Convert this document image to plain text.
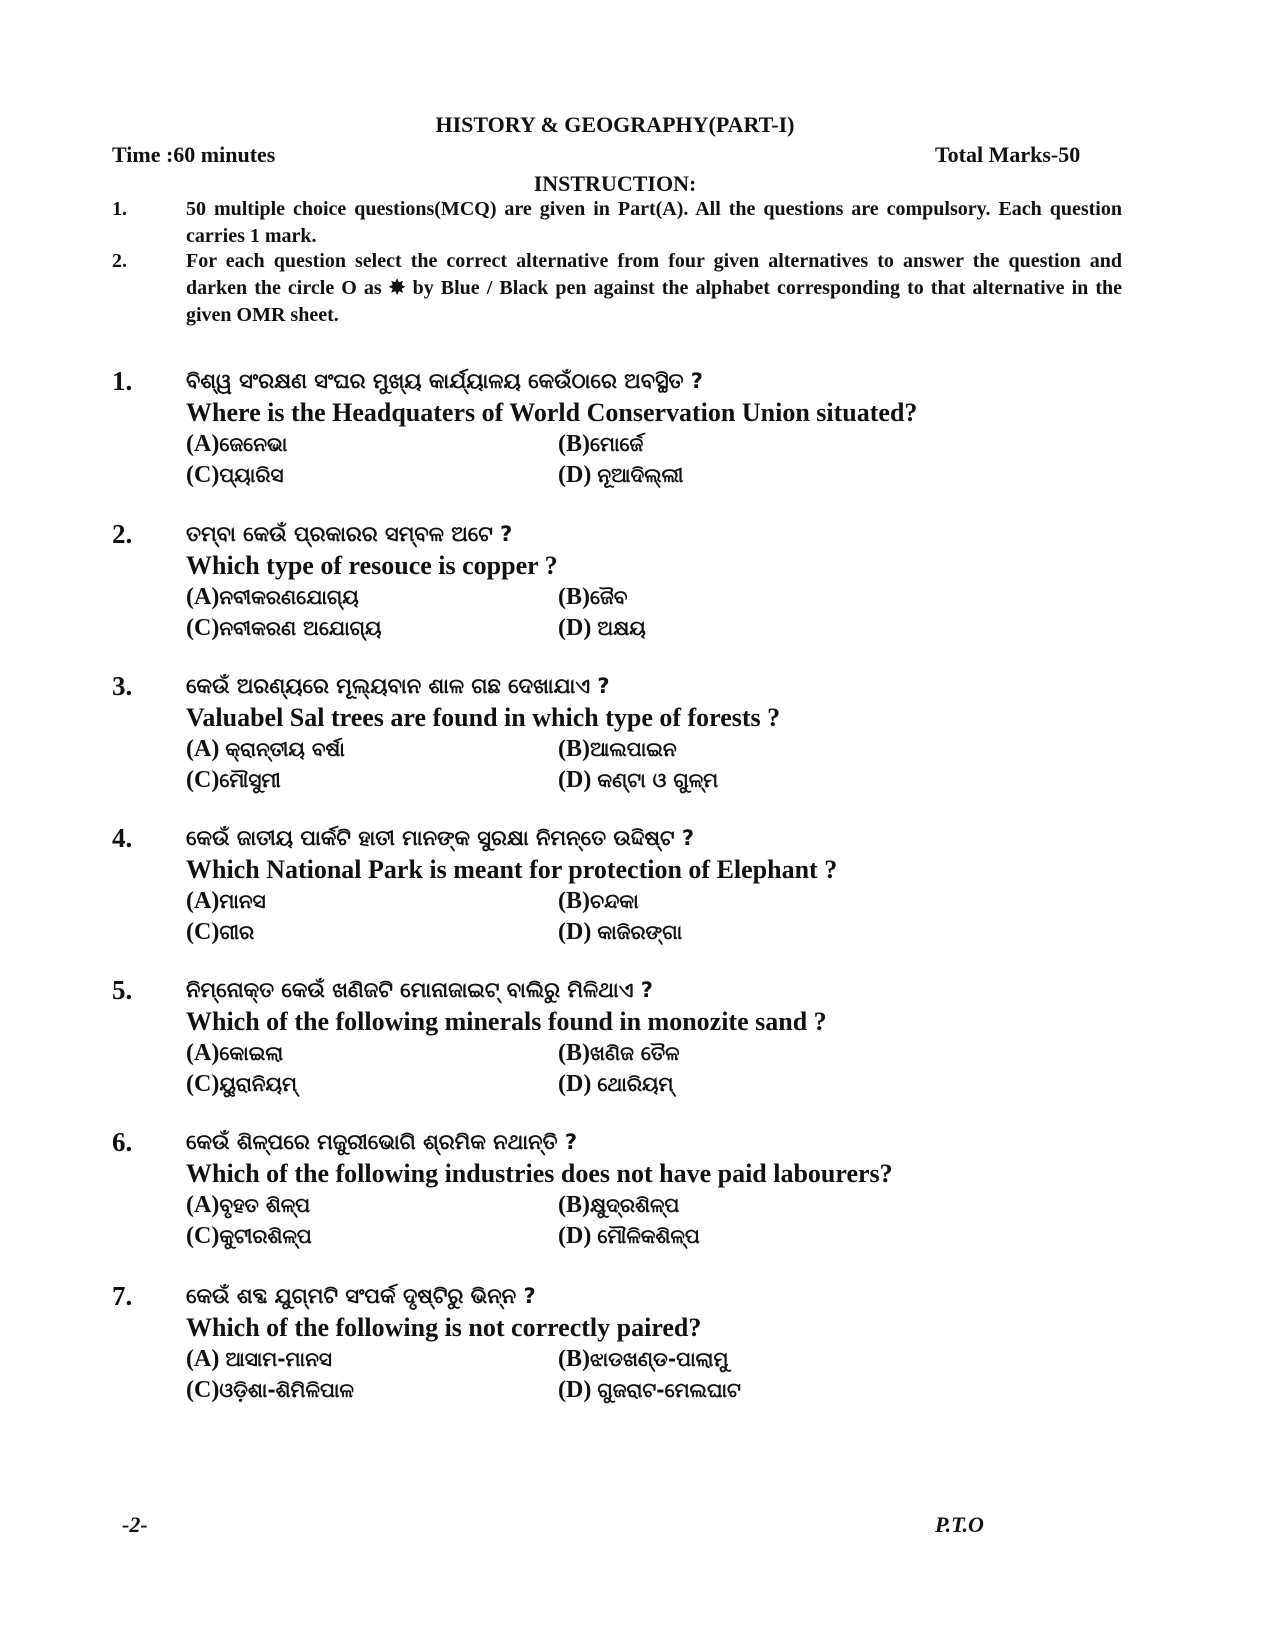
HISTORY & GEOGRAPHY(PART-I)
Time :60 minutes	Total Marks-50
INSTRUCTION:
1.	50 multiple choice questions(MCQ) are given in Part(A). All the questions are compulsory. Each question carries 1 mark.
2.	For each question select the correct alternative from four given alternatives to answer the question and darken the circle O as ✸ by Blue / Black pen against the alphabet corresponding to that alternative in the given OMR sheet.
1.	ବିଶ୍ୱ ସଂରକ୍ଷଣ ସଂଘର ମୁଖ୍ୟ କାର୍ଯ୍ୟାଳୟ କେଉଁଠାରେ ଅବସ୍ଥିତ ?
Where is the Headquaters of World Conservation Union situated?
(A)ଜେନେଭା	(B)ମୋର୍ଜେ
(C)ପ୍ୟାରିସ	(D) ନୂଆଦିଲ୍ଲୀ
2.	ତମ୍ବା କେଉଁ ପ୍ରକାରର ସମ୍ବଳ ଅଟେ ?
Which type of resouce is copper ?
(A)ନବୀକରଣଯୋଗ୍ୟ	(B)ଜୈବ
(C)ନବୀକରଣ ଅଯୋଗ୍ୟ	(D) ଅକ୍ଷୟ
3.	କେଉଁ ଅରଣ୍ୟରେ ମୂଲ୍ୟବାନ ଶାଳ ଗଛ ଦେଖାଯାଏ ?
Valuabel Sal trees are found in which type of forests ?
(A) କ୍ରାନ୍ତୀୟ ବର୍ଷା	(B)ଆଲପାଇନ
(C)ମୌସୁମୀ	(D) କଣ୍ଟା ଓ ଗୁଳ୍ମ
4.	କେଉଁ ଜାତୀୟ ପାର୍କଟି ହାତୀ ମାନଙ୍କ ସୁରକ୍ଷା ନିମନ୍ତେ ଉଦ୍ଦିଷ୍ଟ ?
Which National Park is meant for protection of Elephant ?
(A)ମାନସ	(B)ଚନ୍ଦକା
(C)ଗୀର	(D) କାଜିରଙ୍ଗା
5.	ନିମ୍ନୋକ୍ତ କେଉଁ ଖଣିଜଟି ମୋନାଜାଇଟ୍ ବାଲିରୁ ମିଳିଥାଏ ?
Which of the following minerals found in monozite sand ?
(A)କୋଇଲା	(B)ଖଣିଜ ତୈଳ
(C)ୟୁରାନିୟମ୍	(D) ଥୋରିୟମ୍
6.	କେଉଁ ଶିଳ୍ପରେ ମଜୁରୀଭୋଗି ଶ୍ରମିକ ନଥାନ୍ତି ?
Which of the following industries does not have paid labourers?
(A)ବୃହତ ଶିଳ୍ପ	(B)କ୍ଷୁଦ୍ରଶିଳ୍ପ
(C)କୁଟୀରଶିଳ୍ପ	(D) ମୌଳିକଶିଳ୍ପ
7.	କେଉଁ ଶବ୍ଦ ଯୁଗ୍ମଟି ସଂପର୍କ ଦୃଷ୍ଟିରୁ ଭିନ୍ନ ?
Which of the following is not correctly paired?
(A) ଆସାମ-ମାନସ	(B)ଝାଡଖଣ୍ଡ-ପାଲାମୁ
(C)ଓଡ଼ିଶା-ଶିମିଳିପାଳ	(D) ଗୁଜରାଟ-ମେଲଘାଟ
-2-	P.T.O
